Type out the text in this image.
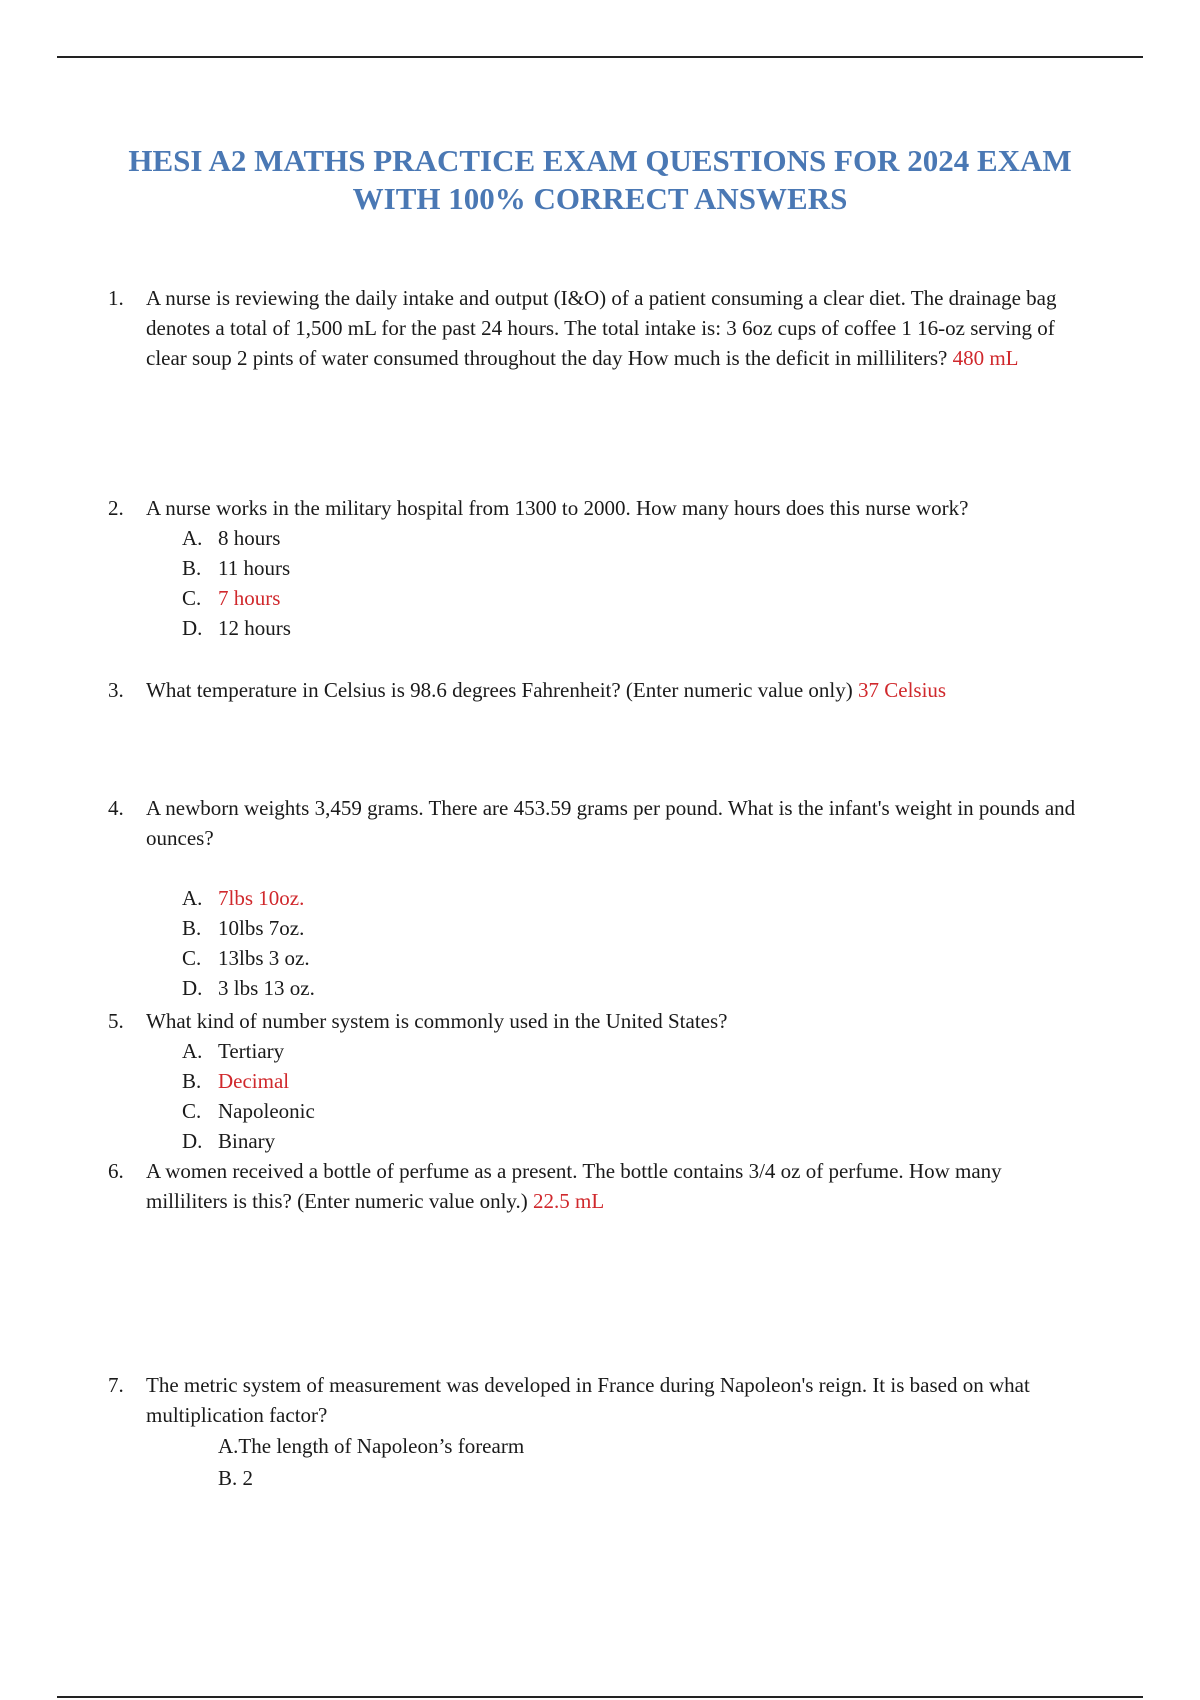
HESI A2 MATHS PRACTICE EXAM QUESTIONS FOR 2024 EXAM
WITH 100% CORRECT ANSWERS
1. A nurse is reviewing the daily intake and output (I&O) of a patient consuming a clear diet. The drainage bag denotes a total of 1,500 mL for the past 24 hours. The total intake is: 3 6oz cups of coffee 1 16-oz serving of clear soup 2 pints of water consumed throughout the day How much is the deficit in milliliters? 480 mL
2. A nurse works in the military hospital from 1300 to 2000. How many hours does this nurse work?
A. 8 hours
B. 11 hours
C. 7 hours
D. 12 hours
3. What temperature in Celsius is 98.6 degrees Fahrenheit? (Enter numeric value only) 37 Celsius
4. A newborn weights 3,459 grams. There are 453.59 grams per pound. What is the infant's weight in pounds and ounces?
A. 7lbs 10oz.
B. 10lbs 7oz.
C. 13lbs 3 oz.
D. 3 lbs 13 oz.
5. What kind of number system is commonly used in the United States?
A. Tertiary
B. Decimal
C. Napoleonic
D. Binary
6. A women received a bottle of perfume as a present. The bottle contains 3/4 oz of perfume. How many milliliters is this? (Enter numeric value only.) 22.5 mL
7. The metric system of measurement was developed in France during Napoleon's reign. It is based on what multiplication factor?
A.The length of Napoleon’s forearm
B. 2
